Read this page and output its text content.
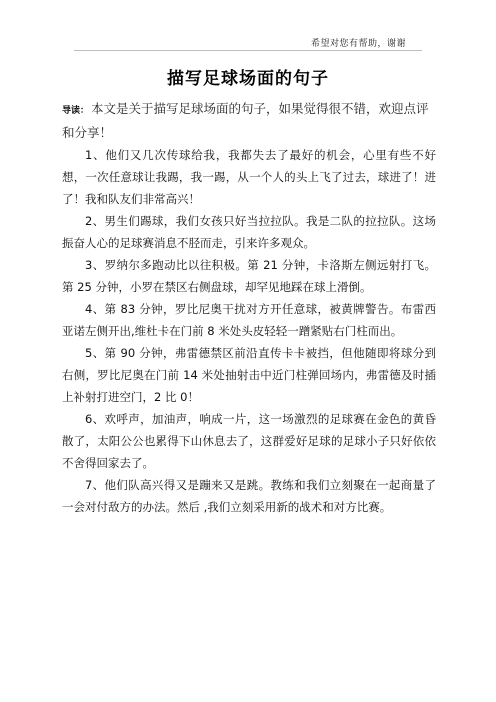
希望对您有帮助，谢谢
描写足球场面的句子

导读： 本文是关于描写足球场面的句子，如果觉得很不错，欢迎点评和分享！

1、他们又几次传球给我，我都失去了最好的机会，心里有些不好想，一次任意球让我踢，我一踢，从一个人的头上飞了过去，球进了！进了！我和队友们非常高兴！

2、男生们踢球，我们女孩只好当拉拉队。我是二队的拉拉队。这场振奋人心的足球赛消息不胫而走，引来许多观众。

3、罗纳尔多跑动比以往积极。第 21 分钟，卡洛斯左侧远射打飞。第 25 分钟，小罗在禁区右侧盘球，却罕见地踩在球上滑倒。

4、第 83 分钟，罗比尼奥干扰对方开任意球，被黄牌警告。布雷西亚诺左侧开出,维杜卡在门前 8 米处头皮轻轻一蹭紧贴右门柱而出。

5、第 90 分钟，弗雷德禁区前沿直传卡卡被挡，但他随即将球分到右侧，罗比尼奥在门前 14 米处抽射击中近门柱弹回场内，弗雷德及时插上补射打进空门，2 比 0！

6、欢呼声，加油声，响成一片，这一场激烈的足球赛在金色的黄昏散了，太阳公公也累得下山休息去了，这群爱好足球的足球小子只好依依不舍得回家去了。

7、他们队高兴得又是蹦来又是跳。教练和我们立刻聚在一起商量了一会对付敌方的办法。然后 ,我们立刻采用新的战术和对方比赛。
